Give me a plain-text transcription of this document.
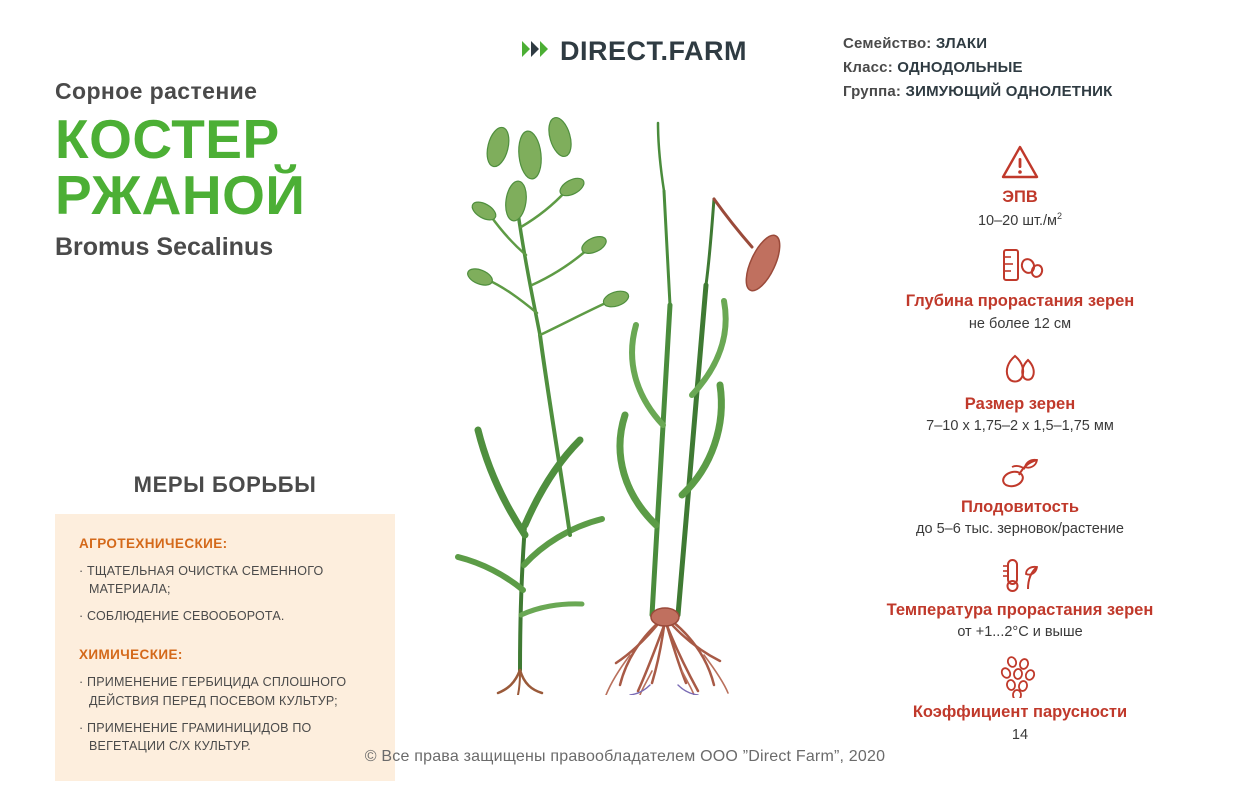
Сорное растение
КОСТЕР
РЖАНОЙ
Bromus Secalinus
МЕРЫ БОРЬБЫ
АГРОТЕХНИЧЕСКИЕ:
· ТЩАТЕЛЬНАЯ ОЧИСТКА СЕМЕННОГО МАТЕРИАЛА;
· СОБЛЮДЕНИЕ СЕВООБОРОТА.
ХИМИЧЕСКИЕ:
· ПРИМЕНЕНИЕ ГЕРБИЦИДА СПЛОШНОГО ДЕЙСТВИЯ ПЕРЕД ПОСЕВОМ КУЛЬТУР;
· ПРИМЕНЕНИЕ ГРАМИНИЦИДОВ ПО ВЕГЕТАЦИИ С/Х КУЛЬТУР.
DIRECT.FARM	Семейство: ЗЛАКИ
Класс: ОДНОДОЛЬНЫЕ
Группа: ЗИМУЮЩИЙ ОДНОЛЕТНИК
ЭПВ
10–20 $шт./м^2$
Глубина прорастания зерен
не более 12 см
Размер зерен
7–10 х 1,75–2 х 1,5–1,75 мм
Плодовитость
до 5–6 тыс. зерновок/растение
Температура прорастания зерен
от +1...2°С и выше
Коэффициент парусности
14
© Все права защищены правообладателем ООО ”Direct Farm”, 2020
